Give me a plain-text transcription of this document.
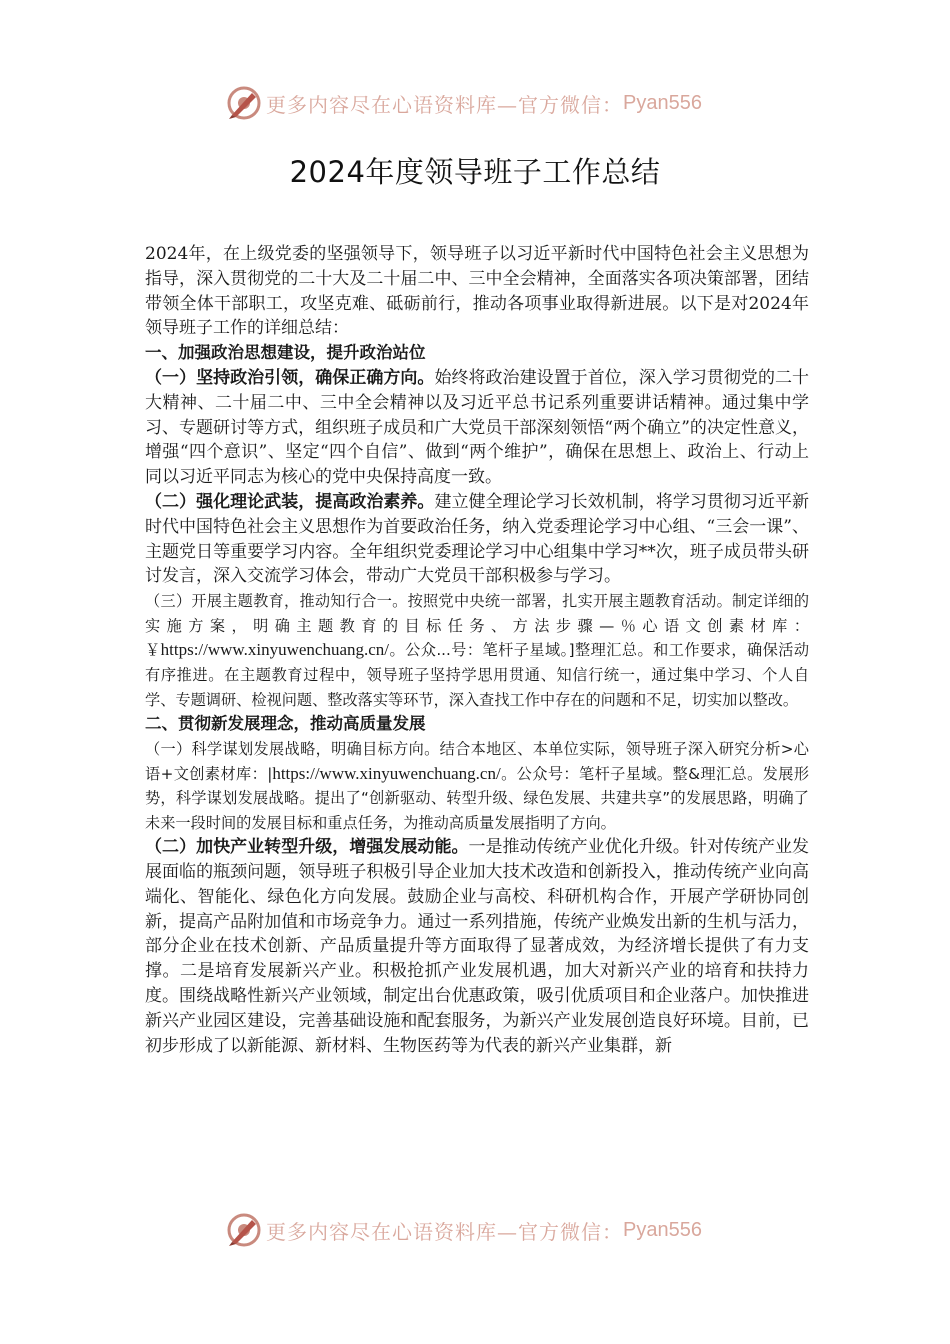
更多内容尽在心语资料库—官方微信： Pyan556
2024年度领导班子工作总结

2024年，在上级党委的坚强领导下，领导班子以习近平新时代中国特色社会主义思想为指导，深入贯彻党的二十大及二十届二中、三中全会精神，全面落实各项决策部署，团结带领全体干部职工，攻坚克难、砥砺前行，推动各项事业取得新进展。以下是对2024年领导班子工作的详细总结：

一、加强政治思想建设，提升政治站位

（一）坚持政治引领，确保正确方向。始终将政治建设置于首位，深入学习贯彻党的二十大精神、二十届二中、三中全会精神以及习近平总书记系列重要讲话精神。通过集中学习、专题研讨等方式，组织班子成员和广大党员干部深刻领悟“两个确立”的决定性意义，增强“四个意识”、坚定“四个自信”、做到“两个维护”，确保在思想上、政治上、行动上同以习近平同志为核心的党中央保持高度一致。

（二）强化理论武装，提高政治素养。建立健全理论学习长效机制，将学习贯彻习近平新时代中国特色社会主义思想作为首要政治任务，纳入党委理论学习中心组、“三会一课”、主题党日等重要学习内容。全年组织党委理论学习中心组集中学习**次，班子成员带头研讨发言，深入交流学习体会，带动广大党员干部积极参与学习。

（三）开展主题教育，推动知行合一。按照党中央统一部署，扎实开展主题教育活动。制定详细的实施方案，明确主题教育的目标任务、方法步骤—％心语文创素材库：￥https://www.xinyuwenchuang.cn/。公众...号：笔杆子星域。]整理汇总。和工作要求，确保活动有序推进。在主题教育过程中，领导班子坚持学思用贯通、知信行统一，通过集中学习、个人自学、专题调研、检视问题、整改落实等环节，深入查找工作中存在的问题和不足，切实加以整改。

二、贯彻新发展理念，推动高质量发展

（一）科学谋划发展战略，明确目标方向。结合本地区、本单位实际，领导班子深入研究分析>心语+文创素材库：|https://www.xinyuwenchuang.cn/。公众号：笔杆子星域。整&理汇总。发展形势，科学谋划发展战略。提出了“创新驱动、转型升级、绿色发展、共建共享”的发展思路，明确了未来一段时间的发展目标和重点任务，为推动高质量发展指明了方向。

（二）加快产业转型升级，增强发展动能。一是推动传统产业优化升级。针对传统产业发展面临的瓶颈问题，领导班子积极引导企业加大技术改造和创新投入，推动传统产业向高端化、智能化、绿色化方向发展。鼓励企业与高校、科研机构合作，开展产学研协同创新，提高产品附加值和市场竞争力。通过一系列措施，传统产业焕发出新的生机与活力，部分企业在技术创新、产品质量提升等方面取得了显著成效，为经济增长提供了有力支撑。二是培育发展新兴产业。积极抢抓产业发展机遇，加大对新兴产业的培育和扶持力度。围绕战略性新兴产业领域，制定出台优惠政策，吸引优质项目和企业落户。加快推进新兴产业园区建设，完善基础设施和配套服务，为新兴产业发展创造良好环境。目前，已初步形成了以新能源、新材料、生物医药等为代表的新兴产业集群，新

更多内容尽在心语资料库—官方微信： Pyan556
